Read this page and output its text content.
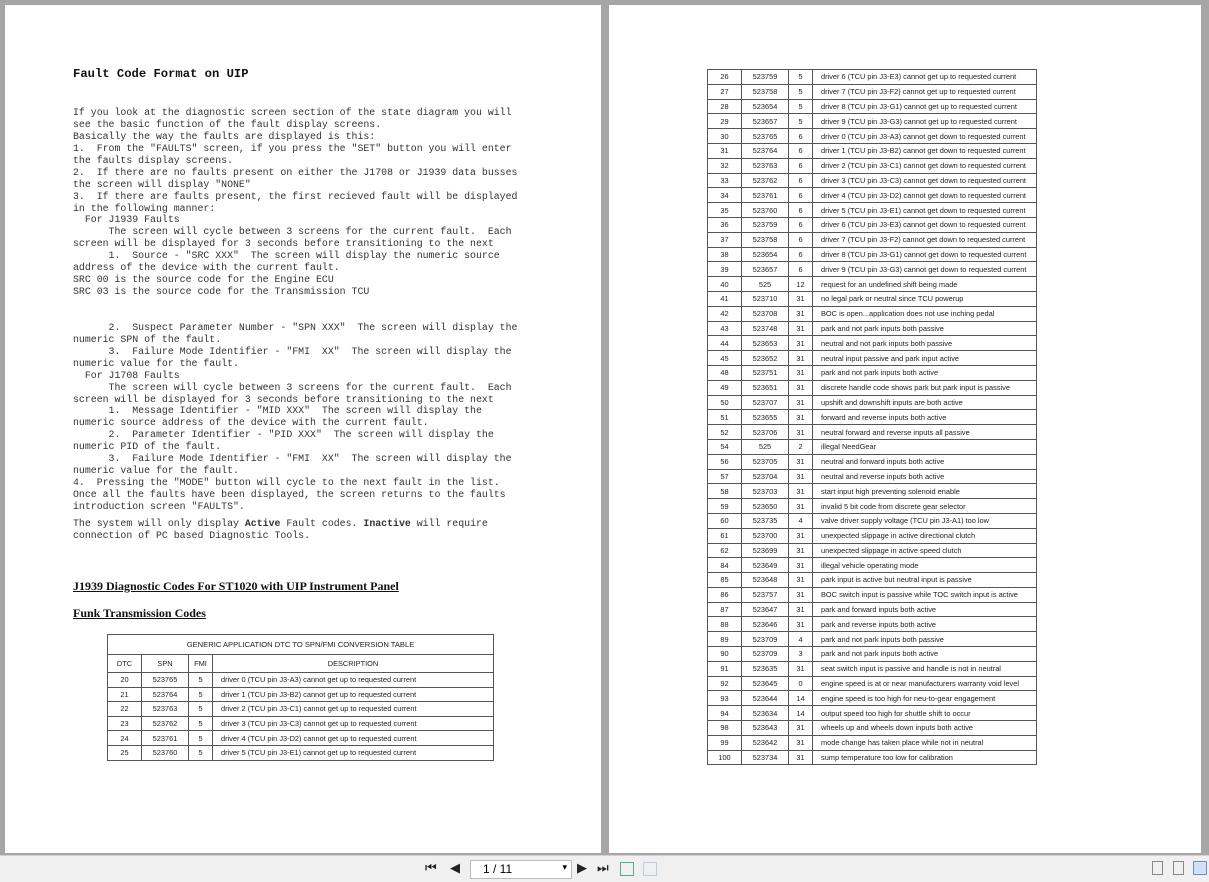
Fault Code Format on UIP
If you look at the diagnostic screen section of the state diagram you will
see the basic function of the fault display screens.
Basically the way the faults are displayed is this:
1.  From the "FAULTS" screen, if you press the "SET" button you will enter
the faults display screens.
2.  If there are no faults present on either the J1708 or J1939 data busses
the screen will display "NONE"
3.  If there are faults present, the first recieved fault will be displayed
in the following manner:
For J1939 Faults
The screen will cycle between 3 screens for the current fault.  Each
screen will be displayed for 3 seconds before transitioning to the next
1.  Source - "SRC XXX"  The screen will display the numeric source
address of the device with the current fault.
SRC 00 is the source code for the Engine ECU
SRC 03 is the source code for the Transmission TCU
2.  Suspect Parameter Number - "SPN XXX"  The screen will display the
numeric SPN of the fault.
3.  Failure Mode Identifier - "FMI  XX"  The screen will display the
numeric value for the fault.
For J1708 Faults
The screen will cycle between 3 screens for the current fault.  Each
screen will be displayed for 3 seconds before transitioning to the next
1.  Message Identifier - "MID XXX"  The screen will display the
numeric source address of the device with the current fault.
2.  Parameter Identifier - "PID XXX"  The screen will display the
numeric PID of the fault.
3.  Failure Mode Identifier - "FMI  XX"  The screen will display the
numeric value for the fault.
4.  Pressing the "MODE" button will cycle to the next fault in the list.
Once all the faults have been displayed, the screen returns to the faults
introduction screen "FAULTS".
The system will only display Active Fault codes. Inactive will require
connection of PC based Diagnostic Tools.
J1939 Diagnostic Codes For ST1020 with UIP Instrument Panel
Funk Transmission Codes
GENERIC APPLICATION DTC TO SPN/FMI CONVERSION TABLE			
DTC	SPN	FMI	DESCRIPTION
20	523765	5	driver 0 (TCU pin J3-A3) cannot get up to requested current
21	523764	5	driver 1 (TCU pin J3-B2) cannot get up to requested current
22	523763	5	driver 2 (TCU pin J3-C1) cannot get up to requested current
23	523762	5	driver 3 (TCU pin J3-C3) cannot get up to requested current
24	523761	5	driver 4 (TCU pin J3-D2) cannot get up to requested current
25	523760	5	driver 5 (TCU pin J3-E1) cannot get up to requested current
26	523759	5	driver 6 (TCU pin J3-E3) cannot get up to requested current
27	523758	5	driver 7 (TCU pin J3-F2) cannot get up to requested current
28	523654	5	driver 8 (TCU pin J3-G1) cannot get up to requested current
29	523657	5	driver 9 (TCU pin J3-G3) cannot get up to requested current
30	523765	6	driver 0 (TCU pin J3-A3) cannot get down to requested current
31	523764	6	driver 1 (TCU pin J3-B2) cannot get down to requested current
32	523763	6	driver 2 (TCU pin J3-C1) cannot get down to requested current
33	523762	6	driver 3 (TCU pin J3-C3) cannot get down to requested current
34	523761	6	driver 4 (TCU pin J3-D2) cannot get down to requested current
35	523760	6	driver 5 (TCU pin J3-E1) cannot get down to requested current
36	523759	6	driver 6 (TCU pin J3-E3) cannot get down to requested current
37	523758	6	driver 7 (TCU pin J3-F2) cannot get down to requested current
38	523654	6	driver 8 (TCU pin J3-G1) cannot get down to requested current
39	523657	6	driver 9 (TCU pin J3-G3) cannot get down to requested current
40	525	12	request for an undefined shift being made
41	523710	31	no legal park or neutral since TCU powerup
42	523708	31	BOC is open...application does not use inching pedal
43	523748	31	park and not park inputs both passive
44	523653	31	neutral and not park inputs both passive
45	523652	31	neutral input passive and park input active
48	523751	31	park and not park inputs both active
49	523651	31	discrete handle code shows park but park input is passive
50	523707	31	upshift and downshift inputs are both active
51	523655	31	forward and reverse inputs both active
52	523706	31	neutral forward and reverse inputs all passive
54	525	2	illegal NeedGear
56	523705	31	neutral and forward inputs both active
57	523704	31	neutral and reverse inputs both active
58	523703	31	start input high preventing solenoid enable
59	523650	31	invalid 5 bit code from discrete gear selector
60	523735	4	valve driver supply voltage (TCU pin J3-A1) too low
61	523700	31	unexpected slippage in active directional clutch
62	523699	31	unexpected slippage in active speed clutch
84	523649	31	illegal vehicle operating mode
85	523648	31	park input is active but neutral input is passive
86	523757	31	BOC switch input is passive while TOC switch input is active
87	523647	31	park and forward inputs both active
88	523646	31	park and reverse inputs both active
89	523709	4	park and not park inputs both passive
90	523709	3	park and not park inputs both active
91	523635	31	seat switch input is passive and handle is not in neutral
92	523645	0	engine speed is at or near manufacturers warranty void level
93	523644	14	engine speed is too high for neu-to-gear engagement
94	523634	14	output speed too high for shuttle shift to occur
98	523643	31	wheels up and wheels down inputs both active
99	523642	31	mode change has taken place while not in neutral
100	523734	31	sump temperature too low for calibration
⏮ ◀ 1 / 11	▾ ▶ ⏭
